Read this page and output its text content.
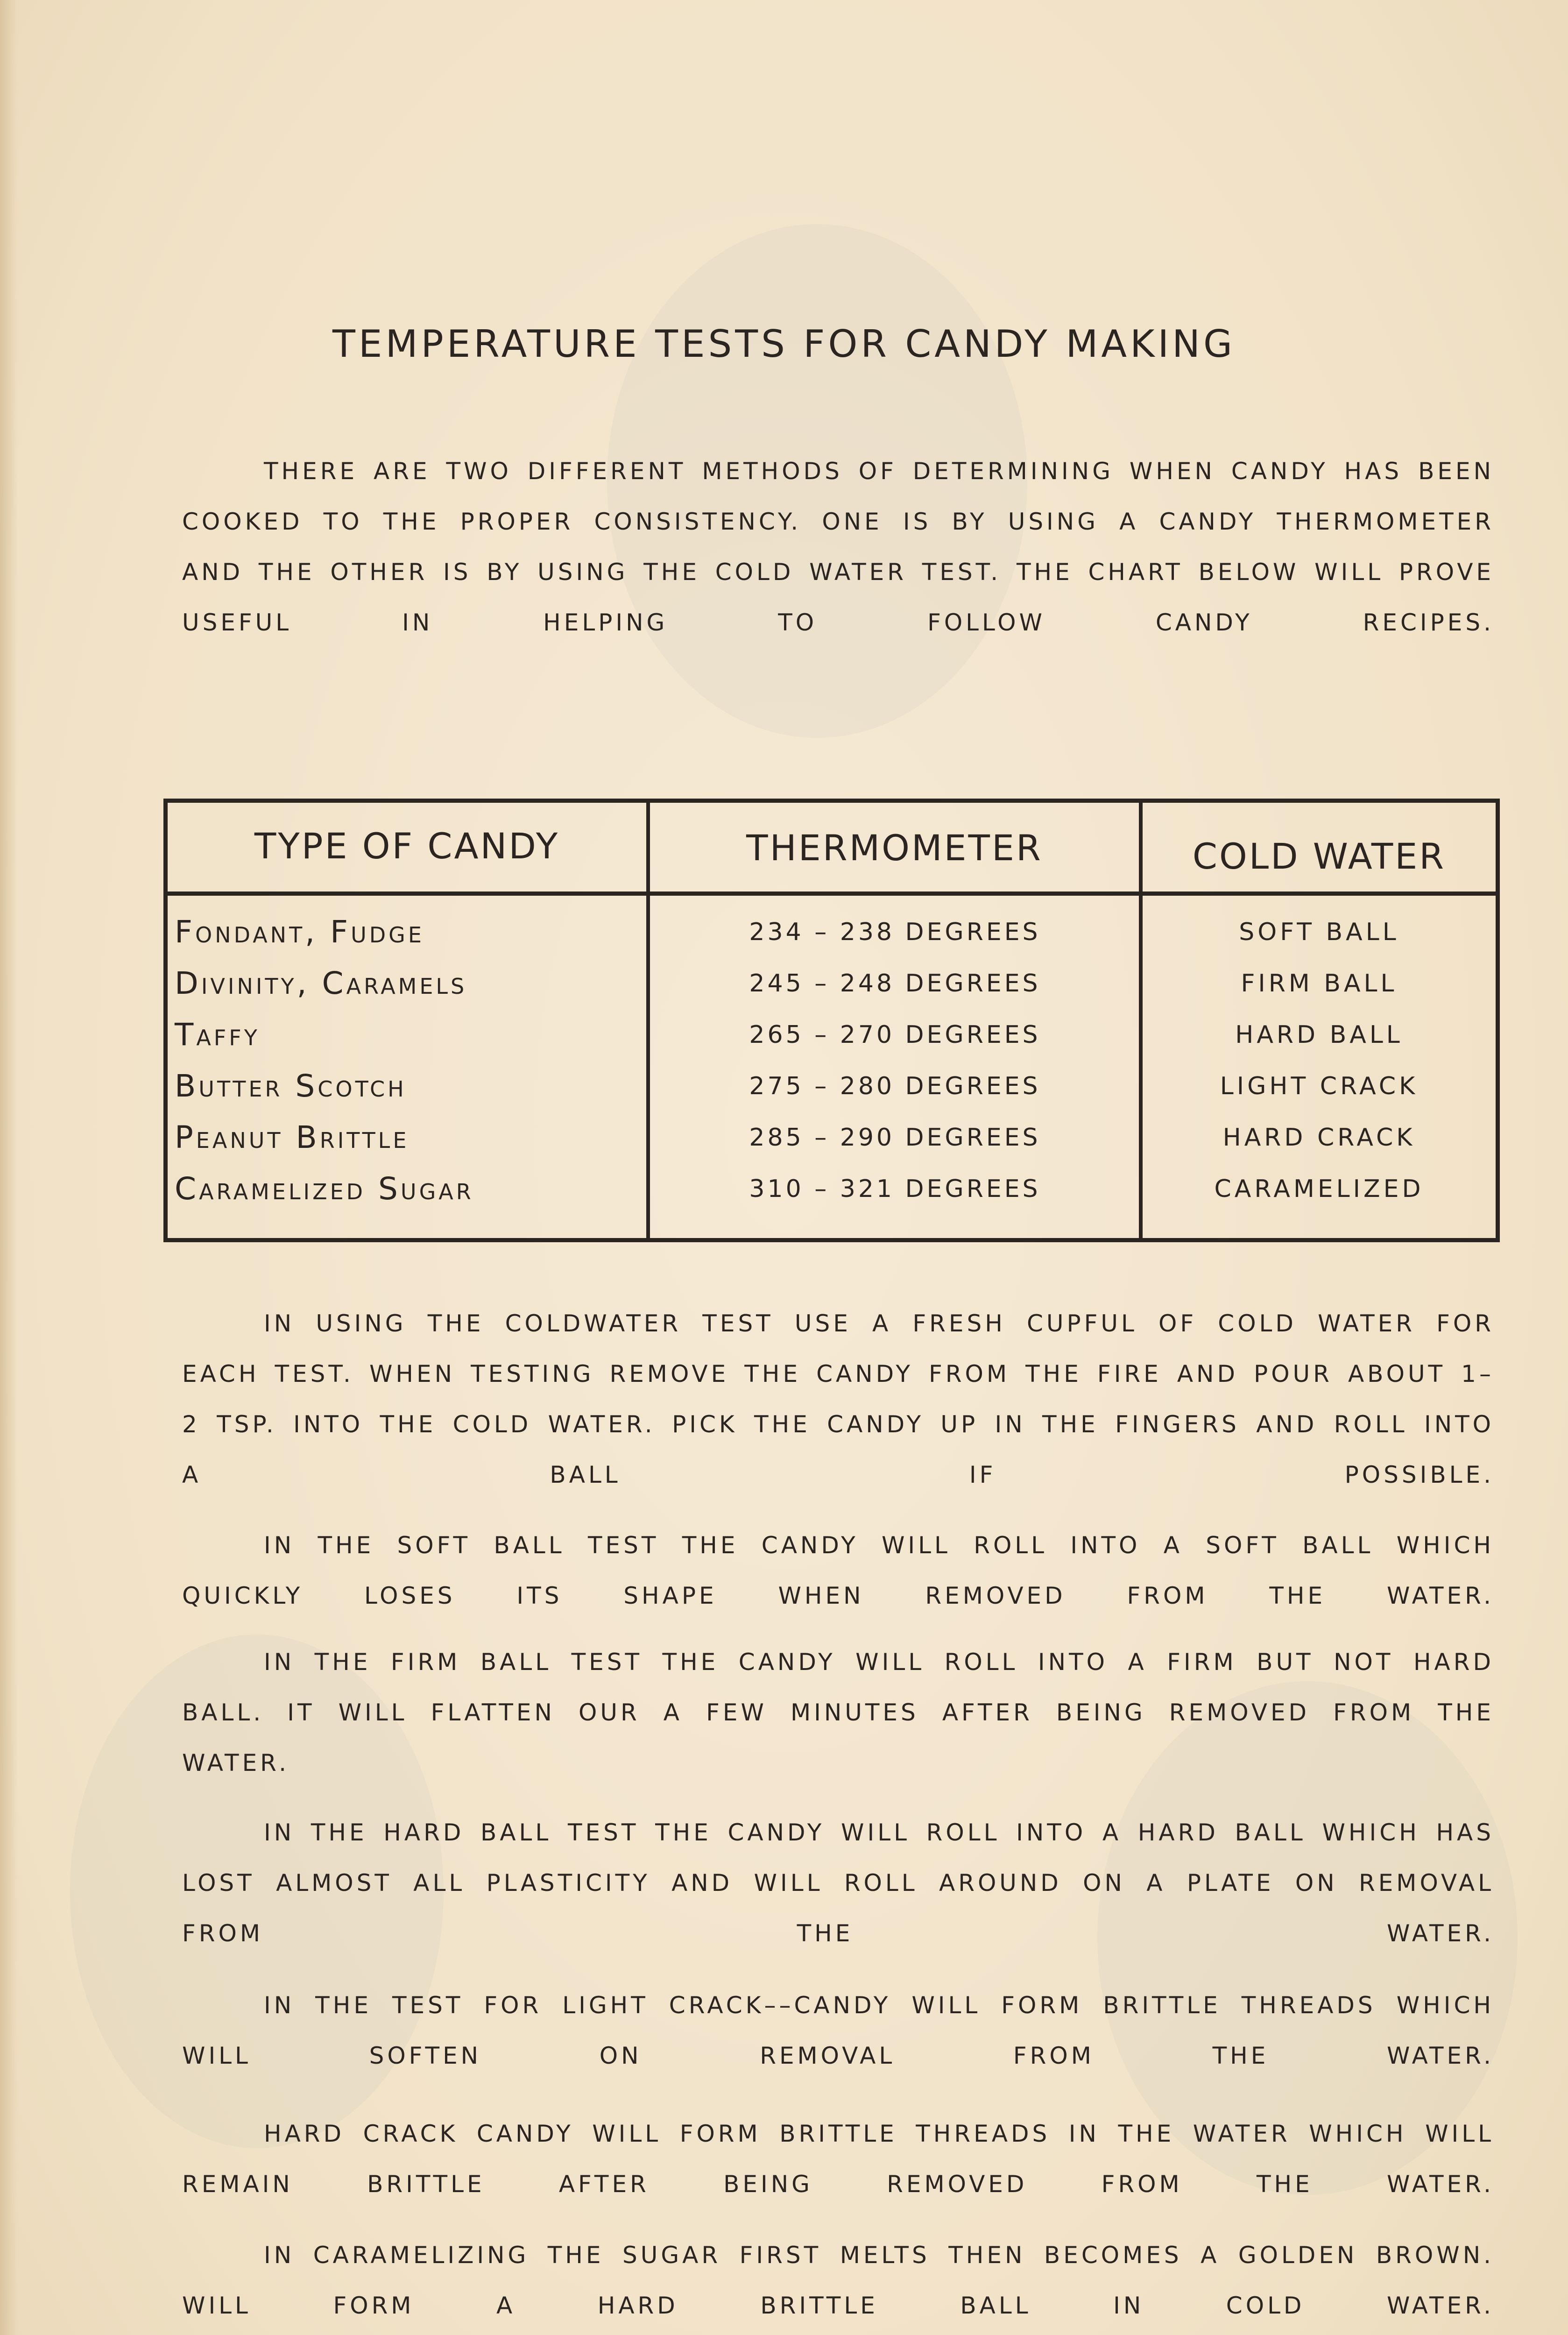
TEMPERATURE TESTS FOR CANDY MAKING
THERE ARE TWO DIFFERENT METHODS OF DETERMINING WHEN CANDY HAS BEEN COOKED TO THE PROPER CONSISTENCY. ONE IS BY USING A CANDY THERMOMETER AND THE OTHER IS BY USING THE COLD WATER TEST. THE CHART BELOW WILL PROVE USEFUL IN HELPING TO FOLLOW CANDY RECIPES.
TYPE OF CANDY	THERMOMETER	COLD WATER
Fondant, Fudge	234 – 238 DEGREES	SOFT BALL
Divinity, Caramels	245 – 248 DEGREES	FIRM BALL
Taffy	265 – 270 DEGREES	HARD BALL
Butter Scotch	275 – 280 DEGREES	LIGHT CRACK
Peanut Brittle	285 – 290 DEGREES	HARD CRACK
Caramelized Sugar	310 – 321 DEGREES	CARAMELIZED
IN USING THE COLDWATER TEST USE A FRESH CUPFUL OF COLD WATER FOR EACH TEST. WHEN TESTING REMOVE THE CANDY FROM THE FIRE AND POUR ABOUT 1–2 TSP. INTO THE COLD WATER. PICK THE CANDY UP IN THE FINGERS AND ROLL INTO A BALL IF POSSIBLE.
IN THE SOFT BALL TEST THE CANDY WILL ROLL INTO A SOFT BALL WHICH QUICKLY LOSES ITS SHAPE WHEN REMOVED FROM THE WATER.
IN THE FIRM BALL TEST THE CANDY WILL ROLL INTO A FIRM BUT NOT HARD BALL. IT WILL FLATTEN OUR A FEW MINUTES AFTER BEING REMOVED FROM THE WATER.
IN THE HARD BALL TEST THE CANDY WILL ROLL INTO A HARD BALL WHICH HAS LOST ALMOST ALL PLASTICITY AND WILL ROLL AROUND ON A PLATE ON REMOVAL FROM THE WATER.
IN THE TEST FOR LIGHT CRACK––CANDY WILL FORM BRITTLE THREADS WHICH WILL SOFTEN ON REMOVAL FROM THE WATER.
HARD CRACK CANDY WILL FORM BRITTLE THREADS IN THE WATER WHICH WILL REMAIN BRITTLE AFTER BEING REMOVED FROM THE WATER.
IN CARAMELIZING THE SUGAR FIRST MELTS THEN BECOMES A GOLDEN BROWN. WILL FORM A HARD BRITTLE BALL IN COLD WATER.
